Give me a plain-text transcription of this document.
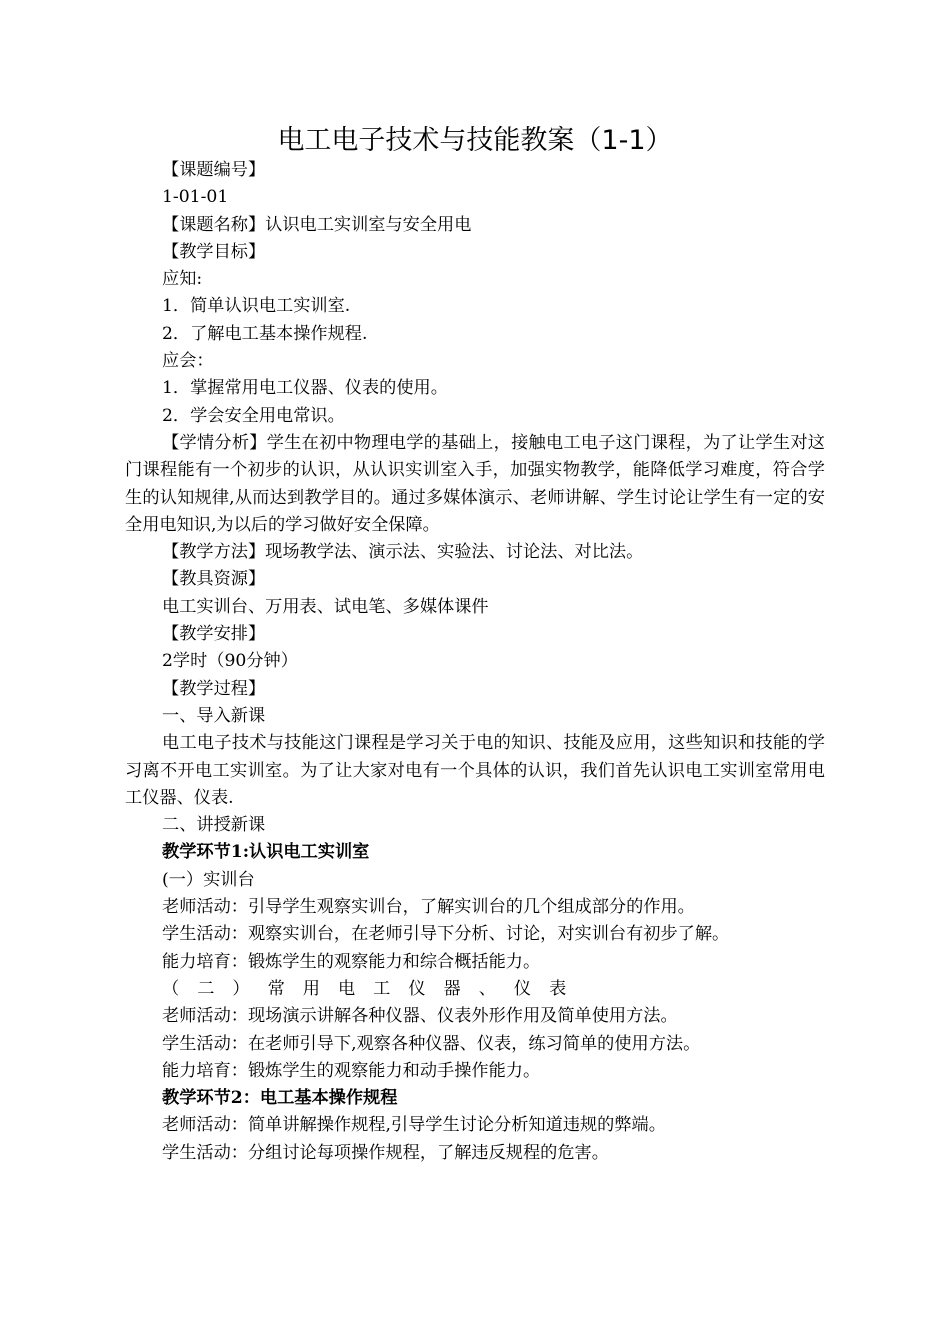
电工电子技术与技能教案（1-1）

【课题编号】

1-01-01

【课题名称】认识电工实训室与安全用电

【教学目标】

应知:

1．简单认识电工实训室.

2．了解电工基本操作规程.

应会：

1．掌握常用电工仪器、仪表的使用。

2．学会安全用电常识。

【学情分析】学生在初中物理电学的基础上，接触电工电子这门课程，为了让学生对这门课程能有一个初步的认识，从认识实训室入手，加强实物教学，能降低学习难度，符合学生的认知规律,从而达到教学目的。通过多媒体演示、老师讲解、学生讨论让学生有一定的安全用电知识,为以后的学习做好安全保障。

【教学方法】现场教学法、演示法、实验法、讨论法、对比法。

【教具资源】

电工实训台、万用表、试电笔、多媒体课件

【教学安排】

2学时（90分钟）

【教学过程】

一、导入新课

电工电子技术与技能这门课程是学习关于电的知识、技能及应用，这些知识和技能的学习离不开电工实训室。为了让大家对电有一个具体的认识，我们首先认识电工实训室常用电工仪器、仪表.

二、讲授新课

教学环节1:认识电工实训室

(一）实训台

老师活动：引导学生观察实训台，了解实训台的几个组成部分的作用。

学生活动：观察实训台，在老师引导下分析、讨论，对实训台有初步了解。

能力培育：锻炼学生的观察能力和综合概括能力。

（二）常用电工仪器、仪表

老师活动：现场演示讲解各种仪器、仪表外形作用及简单使用方法。

学生活动：在老师引导下,观察各种仪器、仪表，练习简单的使用方法。

能力培育：锻炼学生的观察能力和动手操作能力。

教学环节2：电工基本操作规程

老师活动：简单讲解操作规程,引导学生讨论分析知道违规的弊端。

学生活动：分组讨论每项操作规程，了解违反规程的危害。
